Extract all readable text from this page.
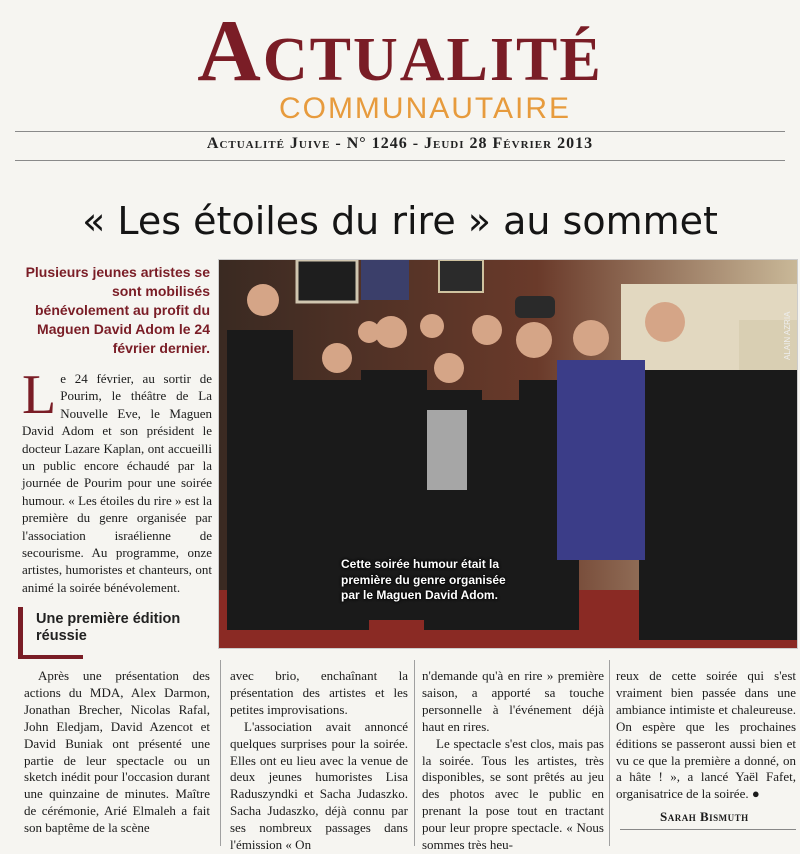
Actualité
COMMUNAUTAIRE
Actualité Juive - N° 1246 - Jeudi 28 Février 2013
« Les étoiles du rire » au sommet
Plusieurs jeunes artistes se sont mobilisés bénévolement au profit du Maguen David Adom le 24 février dernier.
Le 24 février, au sortir de Pourim, le théâtre de La Nouvelle Eve, le Maguen David Adom et son président le docteur Lazare Kaplan, ont accueilli un public encore échaudé par la journée de Pourim pour une soirée humour. « Les étoiles du rire » est la première du genre organisée par l'association israélienne de secourisme. Au programme, onze artistes, humoristes et chanteurs, ont animé la soirée bénévolement.
Une première édition réussie
Cette soirée humour était la première du genre organisée par le Maguen David Adom.
ALAIN AZRIA

Après une présentation des actions du MDA, Alex Darmon, Jonathan Brecher, Nicolas Rafal, John Eledjam, David Azencot et David Buniak ont présenté une partie de leur spectacle ou un sketch inédit pour l'occasion durant une quinzaine de minutes. Maître de cérémonie, Arié Elmaleh a fait son baptême de la scène

avec brio, enchaînant la présentation des artistes et les petites improvisations.

L'association avait annoncé quelques surprises pour la soirée. Elles ont eu lieu avec la venue de deux jeunes humoristes Lisa Raduszyndki et Sacha Judaszko. Sacha Judaszko, déjà connu par ses nombreux passages dans l'émission « On

n'demande qu'à en rire » première saison, a apporté sa touche personnelle à l'événement déjà haut en rires.

Le spectacle s'est clos, mais pas la soirée. Tous les artistes, très disponibles, se sont prêtés au jeu des photos avec le public en prenant la pose tout en tractant pour leur propre spectacle. « Nous sommes très heu-

reux de cette soirée qui s'est vraiment bien passée dans une ambiance intimiste et chaleureuse. On espère que les prochaines éditions se passeront aussi bien et vu ce que la première a donné, on a hâte ! », a lancé Yaël Fafet, organisatrice de la soirée. ●

Sarah Bismuth
